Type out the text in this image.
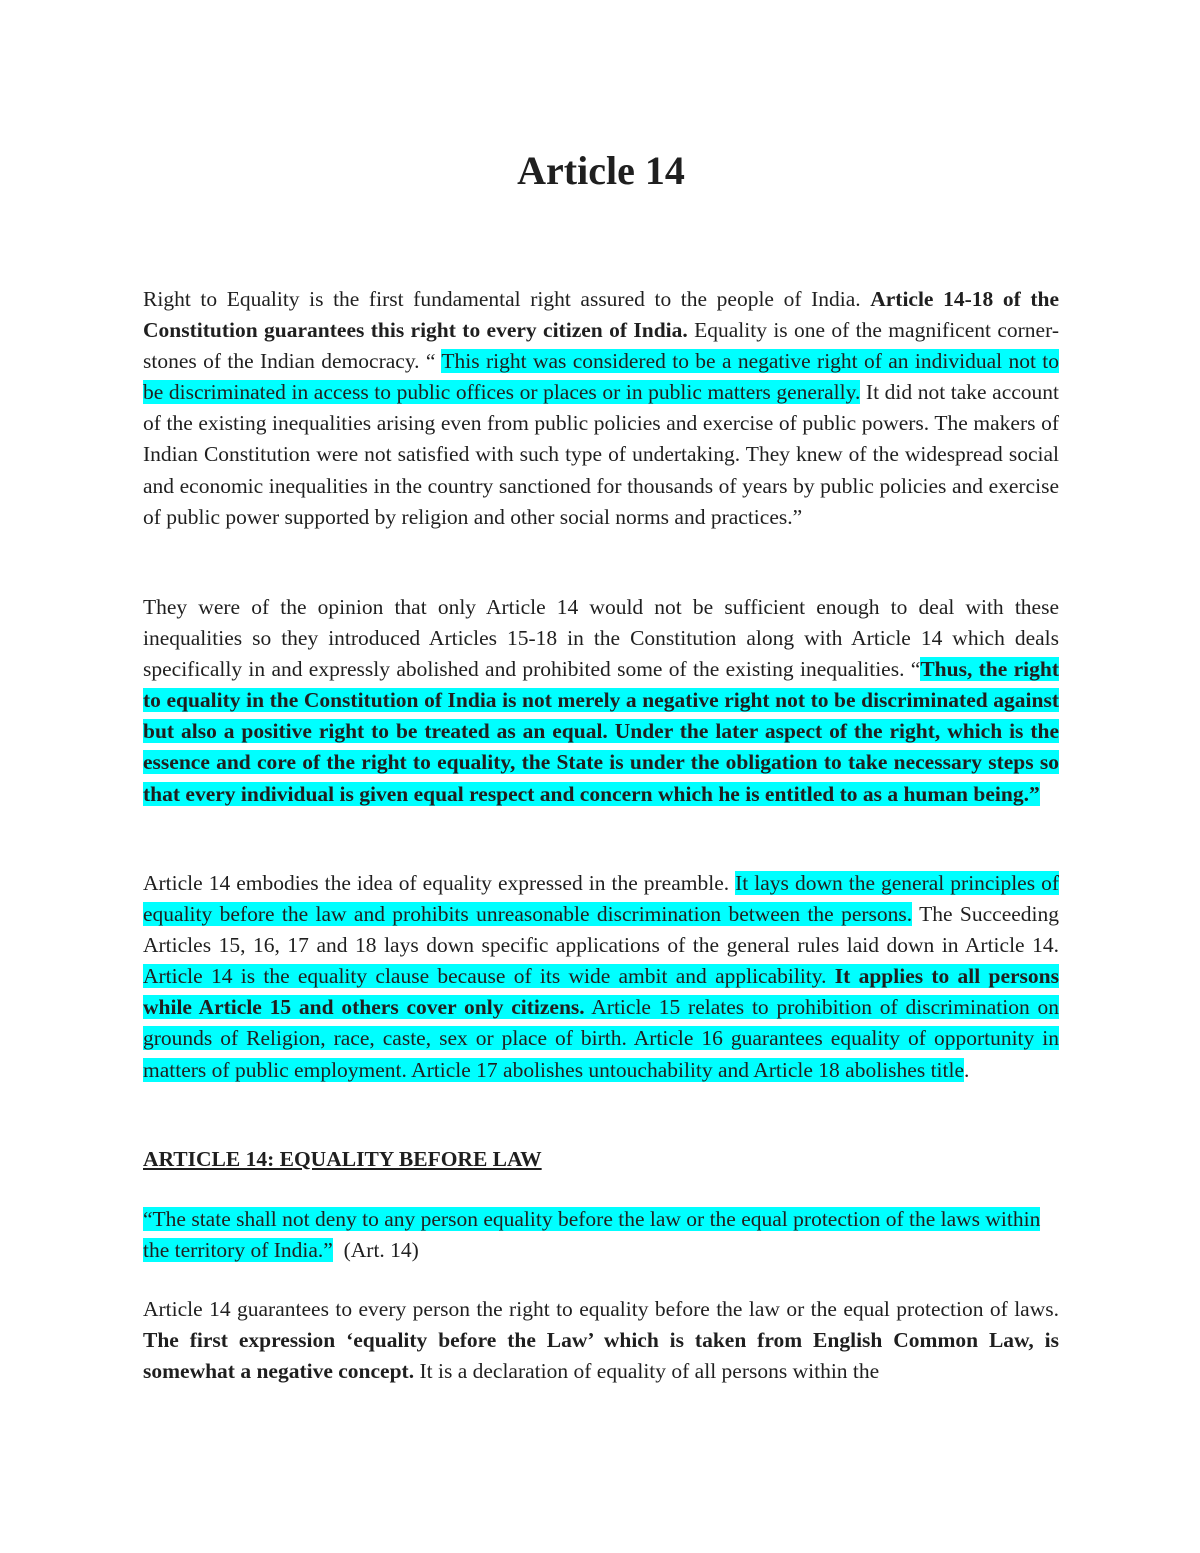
Article 14

Right to Equality is the first fundamental right assured to the people of India. Article 14-18 of the Constitution guarantees this right to every citizen of India. Equality is one of the magnificent corner-stones of the Indian democracy. “ This right was considered to be a negative right of an individual not to be discriminated in access to public offices or places or in public matters generally. It did not take account of the existing inequalities arising even from public policies and exercise of public powers. The makers of Indian Constitution were not satisfied with such type of undertaking. They knew of the widespread social and economic inequalities in the country sanctioned for thousands of years by public policies and exercise of public power supported by religion and other social norms and practices.”

They were of the opinion that only Article 14 would not be sufficient enough to deal with these inequalities so they introduced Articles 15-18 in the Constitution along with Article 14 which deals specifically in and expressly abolished and prohibited some of the existing inequalities. “Thus, the right to equality in the Constitution of India is not merely a negative right not to be discriminated against but also a positive right to be treated as an equal. Under the later aspect of the right, which is the essence and core of the right to equality, the State is under the obligation to take necessary steps so that every individual is given equal respect and concern which he is entitled to as a human being.”

Article 14 embodies the idea of equality expressed in the preamble. It lays down the general principles of equality before the law and prohibits unreasonable discrimination between the persons. The Succeeding Articles 15, 16, 17 and 18 lays down specific applications of the general rules laid down in Article 14. Article 14 is the equality clause because of its wide ambit and applicability. It applies to all persons while Article 15 and others cover only citizens. Article 15 relates to prohibition of discrimination on grounds of Religion, race, caste, sex or place of birth. Article 16 guarantees equality of opportunity in matters of public employment. Article 17 abolishes untouchability and Article 18 abolishes title.

ARTICLE 14: EQUALITY BEFORE LAW

“The state shall not deny to any person equality before the law or the equal protection of the laws within the territory of India.”  (Art. 14)

Article 14 guarantees to every person the right to equality before the law or the equal protection of laws. The first expression ‘equality before the Law’ which is taken from English Common Law, is somewhat a negative concept. It is a declaration of equality of all persons within the
